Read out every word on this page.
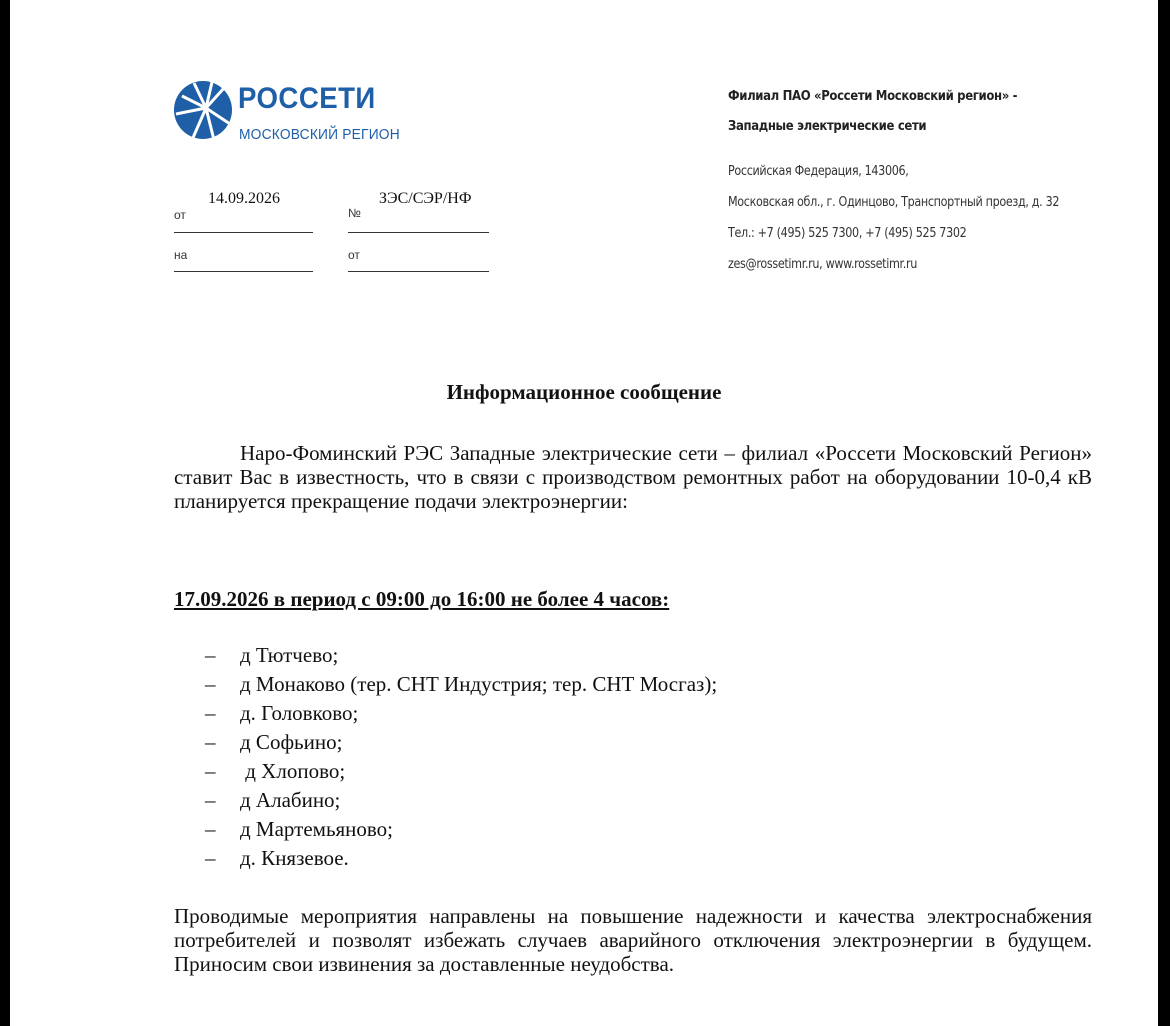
РОССЕТИ
МОСКОВСКИЙ РЕГИОН
от
14.09.2026
№
ЗЭС/СЭР/НФ
на	от
Филиал ПАО «Россети Московский регион» -
Западные электрические сети
Российская Федерация, 143006,
Московская обл., г. Одинцово, Транспортный проезд, д. 32
Тел.: +7 (495) 525 7300, +7 (495) 525 7302
zes@rossetimr.ru, www.rossetimr.ru
Информационное сообщение
Наро-Фоминский РЭС Западные электрические сети – филиал «Россети Московский Регион» ставит Вас в известность, что в связи с производством ремонтных работ на оборудовании 10-0,4 кВ планируется прекращение подачи электроэнергии:
17.09.2026 в период с 09:00 до 16:00 не более 4 часов:
– д Тютчево;
– д Монаково (тер. СНТ Индустрия; тер. СНТ Мосгаз);
– д. Головково;
– д Софьино;
– д Хлопово;
– д Алабино;
– д Мартемьяново;
– д. Князевое.
Проводимые мероприятия направлены на повышение надежности и качества электроснабжения потребителей и позволят избежать случаев аварийного отключения электроэнергии в будущем. Приносим свои извинения за доставленные неудобства.
